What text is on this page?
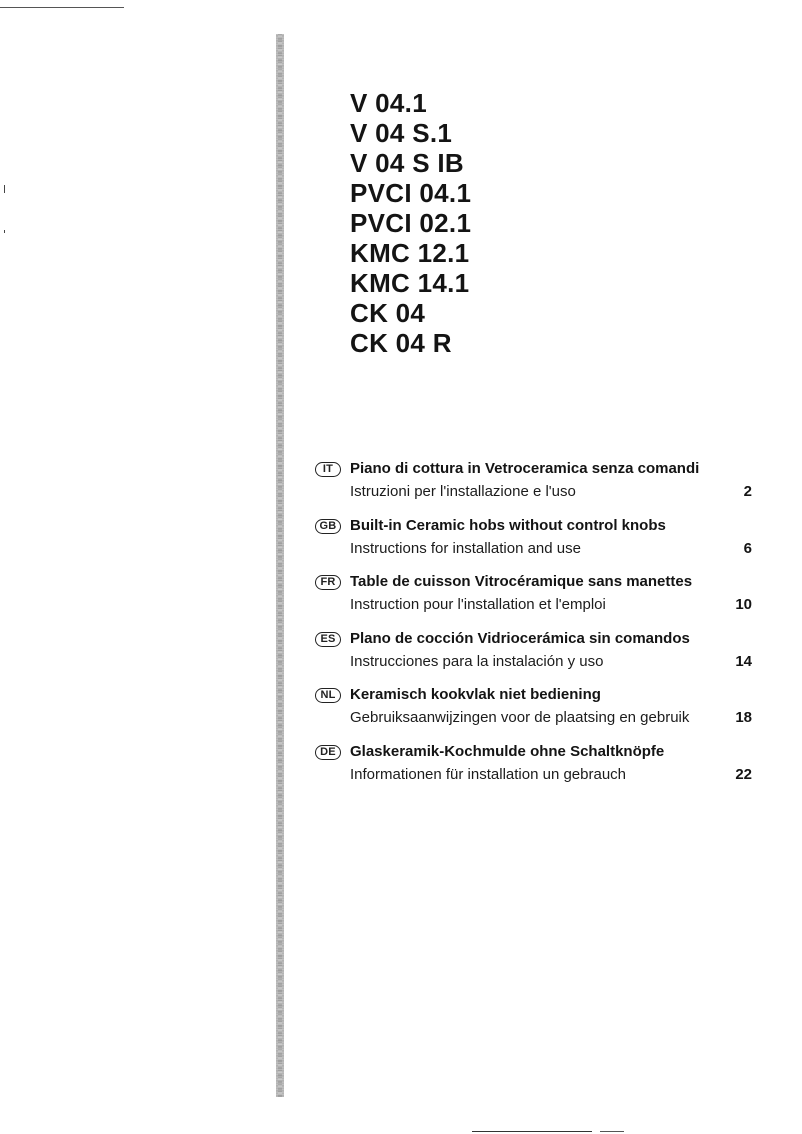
V 04.1
V 04 S.1
V 04 S IB
PVCI 04.1
PVCI 02.1
KMC 12.1
KMC 14.1
CK 04
CK 04 R
IT	Piano di cottura in Vetroceramica senza comandi
Istruzioni per l'installazione e l'uso	2
GB Built-in Ceramic hobs without control knobs
Instructions for installation and use	6
FR Table de cuisson Vitrocéramique sans manettes
Instruction pour l'installation et l'emploi	10
ES Plano de cocción Vidriocerámica sin comandos
Instrucciones para la instalación y uso	14
NL Keramisch kookvlak niet bediening
Gebruiksaanwijzingen voor de plaatsing en gebruik	18
DE Glaskeramik-Kochmulde ohne Schaltknöpfe
Informationen für installation un gebrauch	22
